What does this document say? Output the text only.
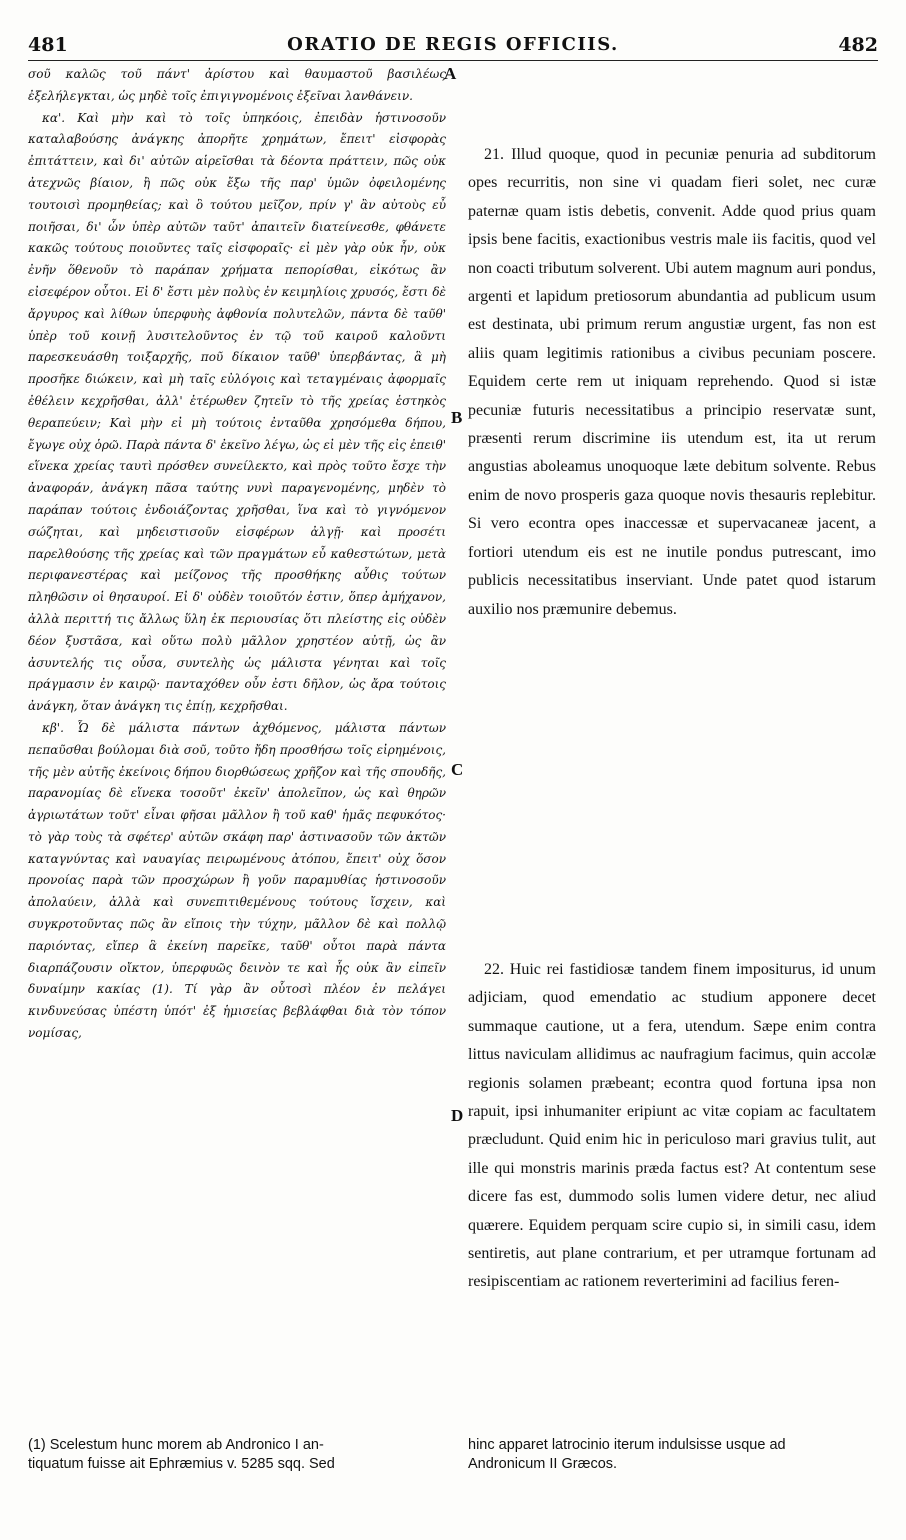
481	ORATIO DE REGIS OFFICIIS.	482

σοῦ καλῶς τοῦ πάντ' ἀρίστου καὶ θαυμαστοῦ βασιλέως ἐξελήλεγκται, ὡς μηδὲ τοῖς ἐπιγιγνομένοις ἐξεῖναι λανθάνειν.

κα'. Καὶ μὴν καὶ τὸ τοῖς ὑπηκόοις, ἐπειδὰν ἡστινοσοῦν καταλαβούσης ἀνάγκης ἀπορῆτε χρημάτων, ἔπειτ' εἰσφορὰς ἐπιτάττειν, καὶ δι' αὐτῶν αἱρεῖσθαι τὰ δέοντα πράττειν, πῶς οὐκ ἀτεχνῶς βίαιον, ἢ πῶς οὐκ ἔξω τῆς παρ' ὑμῶν ὀφειλομένης τουτοισὶ προμηθείας; καὶ ὃ τούτου μεῖζον, πρίν γ' ἂν αὐτοὺς εὖ ποιῆσαι, δι' ὧν ὑπὲρ αὐτῶν ταῦτ' ἀπαιτεῖν διατείνεσθε, φθάνετε κακῶς τούτους ποιοῦντες ταῖς εἰσφοραῖς· εἰ μὲν γὰρ οὐκ ἦν, οὐκ ἐνῆν ὅθενοῦν τὸ παράπαν χρήματα πεπορίσθαι, εἰκότως ἂν εἰσεφέρον οὗτοι. Εἰ δ' ἔστι μὲν πολὺς ἐν κειμηλίοις χρυσός, ἔστι δὲ ἄργυρος καὶ λίθων ὑπερφυὴς ἀφθονία πολυτελῶν, πάντα δὲ ταῦθ' ὑπὲρ τοῦ κοινῇ λυσιτελοῦντος ἐν τῷ τοῦ καιροῦ καλοῦντι παρεσκευάσθη τοιξαρχῆς, ποῦ δίκαιον ταῦθ' ὑπερβάντας, ἃ μὴ προσῆκε διώκειν, καὶ μὴ ταῖς εὐλόγοις καὶ τεταγμέναις ἀφορμαῖς ἐθέλειν κεχρῆσθαι, ἀλλ' ἑτέρωθεν ζητεῖν τὸ τῆς χρείας ἑστηκὸς θεραπεύειν; Καὶ μὴν εἰ μὴ τούτοις ἐνταῦθα χρησόμεθα δήπου, ἔγωγε οὐχ ὁρῶ. Παρὰ πάντα δ' ἐκεῖνο λέγω, ὡς εἰ μὲν τῆς εἰς ἐπειθ' εἵνεκα χρείας ταυτὶ πρόσθεν συνείλεκτο, καὶ πρὸς τοῦτο ἔσχε τὴν ἀναφοράν, ἀνάγκη πᾶσα ταύτης νυνὶ παραγενομένης, μηδὲν τὸ παράπαν τούτοις ἐνδοιάζοντας χρῆσθαι, ἵνα καὶ τὸ γιγνόμενον σώζηται, καὶ μηδειστισοῦν εἰσφέρων ἀλγῇ· καὶ προσέτι παρελθούσης τῆς χρείας καὶ τῶν πραγμάτων εὖ καθεστώτων, μετὰ περιφανεστέρας καὶ μείζονος τῆς προσθήκης αὖθις τούτων πληθῶσιν οἱ θησαυροί. Εἰ δ' οὐδὲν τοιοῦτόν ἐστιν, ὅπερ ἀμήχανον, ἀλλὰ περιττή τις ἄλλως ὕλη ἐκ περιουσίας ὅτι πλείστης εἰς οὐδὲν δέον ξυστᾶσα, καὶ οὕτω πολὺ μᾶλλον χρηστέον αὐτῇ, ὡς ἂν ἀσυντελής τις οὖσα, συντελὴς ὡς μάλιστα γένηται καὶ τοῖς πράγμασιν ἐν καιρῷ· πανταχόθεν οὖν ἐστι δῆλον, ὡς ἄρα τούτοις ἀνάγκη, ὅταν ἀνάγκη τις ἐπίῃ, κεχρῆσθαι.

κβ'. Ὧ δὲ μάλιστα πάντων ἀχθόμενος, μάλιστα πάντων πεπαῦσθαι βούλομαι διὰ σοῦ, τοῦτο ἤδη προσθήσω τοῖς εἰρημένοις, τῆς μὲν αὐτῆς ἐκείνοις δήπου διορθώσεως χρῆζον καὶ τῆς σπουδῆς, παρανομίας δὲ εἵνεκα τοσοῦτ' ἐκεῖν' ἀπολεῖπον, ὡς καὶ θηρῶν ἀγριωτάτων τοῦτ' εἶναι φῆσαι μᾶλλον ἢ τοῦ καθ' ἡμᾶς πεφυκότος· τὸ γὰρ τοὺς τὰ σφέτερ' αὐτῶν σκάφη παρ' ἀστινασοῦν τῶν ἀκτῶν καταγνύντας καὶ ναυαγίας πειρωμένους ἀτόπου, ἔπειτ' οὐχ ὅσον προνοίας παρὰ τῶν προσχώρων ἢ γοῦν παραμυθίας ἡστινοσοῦν ἀπολαύειν, ἀλλὰ καὶ συνεπιτιθεμένους τούτους ἴσχειν, καὶ συγκροτοῦντας πῶς ἂν εἴποις τὴν τύχην, μᾶλλον δὲ καὶ πολλῷ παριόντας, εἴπερ ἃ ἐκείνη παρεῖκε, ταῦθ' οὗτοι παρὰ πάντα διαρπάζουσιν οἴκτον, ὑπερφυῶς δεινὸν τε καὶ ἧς οὐκ ἂν εἰπεῖν δυναίμην κακίας (1). Τί γὰρ ἂν οὗτοσὶ πλέον ἐν πελάγει κινδυνεύσας ὑπέστη ὑπότ' ἐξ ἡμισείας βεβλάφθαι διὰ τὸν τόπον νομίσας,

A
B
C
D

21. Illud quoque, quod in pecuniæ penuria ad subditorum opes recurritis, non sine vi quadam fieri solet, nec curæ paternæ quam istis debetis, convenit. Adde quod prius quam ipsis bene facitis, exactionibus vestris male iis facitis, quod vel non coacti tributum solverent. Ubi autem magnum auri pondus, argenti et lapidum pretiosorum abundantia ad publicum usum est destinata, ubi primum rerum angustiæ urgent, fas non est aliis quam legitimis rationibus a civibus pecuniam poscere. Equidem certe rem ut iniquam reprehendo. Quod si istæ pecuniæ futuris necessitatibus a principio reservatæ sunt, præsenti rerum discrimine iis utendum est, ita ut rerum angustias aboleamus unoquoque læte debitum solvente. Rebus enim de novo prosperis gaza quoque novis thesauris replebitur. Si vero econtra opes inaccessæ et supervacaneæ jacent, a fortiori utendum eis est ne inutile pondus putrescant, imo publicis necessitatibus inserviant. Unde patet quod istarum auxilio nos præmunire debemus.

22. Huic rei fastidiosæ tandem finem impositurus, id unum adjiciam, quod emendatio ac studium apponere decet summaque cautione, ut a fera, utendum. Sæpe enim contra littus naviculam allidimus ac naufragium facimus, quin accolæ regionis solamen præbeant; econtra quod fortuna ipsa non rapuit, ipsi inhumaniter eripiunt ac vitæ copiam ac facultatem præcludunt. Quid enim hic in periculoso mari gravius tulit, aut ille qui monstris marinis præda factus est? At contentum sese dicere fas est, dummodo solis lumen videre detur, nec aliud quærere. Equidem perquam scire cupio si, in simili casu, idem sentiretis, aut plane contrarium, et per utramque fortunam ad resipiscentiam ac rationem reverterimini ad facilius feren-

(1) Scelestum hunc morem ab Andronico I an-
tiquatum fuisse ait Ephræmius v. 5285 sqq. Sed
hinc apparet latrocinio iterum indulsisse usque ad
Andronicum II Græcos.
